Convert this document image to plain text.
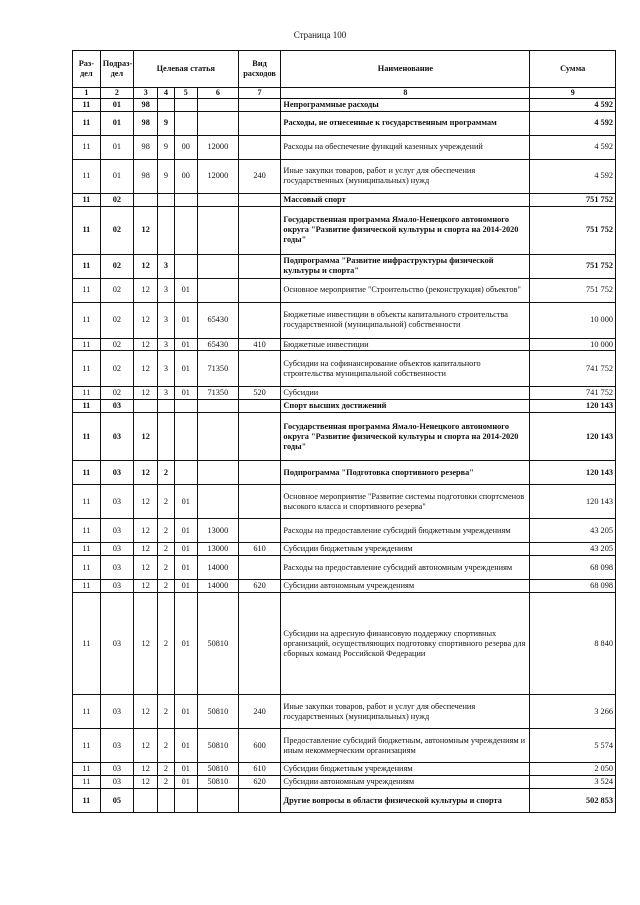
Страница 100
Раз-дел	Подраз-дел	Целевая статья				Вид расходов	Наименование	Сумма
1	2	3	4	5	6	7	8	9
11	01	98					Непрограммные расходы	4 592
11	01	98	9				Расходы, не отнесенные к государственным программам	4 592
11	01	98	9	00	12000		Расходы на обеспечение функций казенных учреждений	4 592
11	01	98	9	00	12000	240	Иные закупки товаров, работ и услуг для обеспечения государственных (муниципальных) нужд	4 592
11	02						Массовый спорт	751 752
11	02	12					Государственная программа Ямало-Ненецкого автономного округа "Развитие физической культуры и спорта на 2014-2020 годы"	751 752
11	02	12	3				Подпрограмма "Развитие инфраструктуры физической культуры и спорта"	751 752
11	02	12	3	01			Основное мероприятие "Строительство (реконструкция) объектов"	751 752
11	02	12	3	01	65430		Бюджетные инвестиции в объекты капитального строительства государственной (муниципальной) собственности	10 000
11	02	12	3	01	65430	410	Бюджетные инвестиции	10 000
11	02	12	3	01	71350		Субсидии на софинансирование объектов капитального строительства муниципальной собственности	741 752
11	02	12	3	01	71350	520	Субсидии	741 752
11	03						Спорт высших достижений	120 143
11	03	12					Государственная программа Ямало-Ненецкого автономного округа "Развитие физической культуры и спорта на 2014-2020 годы"	120 143
11	03	12	2				Подпрограмма "Подготовка спортивного резерва"	120 143
11	03	12	2	01			Основное мероприятие "Развитие системы подготовки спортсменов высокого класса и спортивного резерва"	120 143
11	03	12	2	01	13000		Расходы на предоставление субсидий бюджетным учреждениям	43 205
11	03	12	2	01	13000	610	Субсидии бюджетным учреждениям	43 205
11	03	12	2	01	14000		Расходы на предоставление субсидий автономным учреждениям	68 098
11	03	12	2	01	14000	620	Субсидии автономным учреждениям	68 098
11	03	12	2	01	50810		Субсидии на адресную финансовую поддержку спортивных организаций, осуществляющих подготовку спортивного резерва для сборных команд Российской Федерации	8 840
11	03	12	2	01	50810	240	Иные закупки товаров, работ и услуг для обеспечения государственных (муниципальных) нужд	3 266
11	03	12	2	01	50810	600	Предоставление субсидий бюджетным, автономным учреждениям и иным некоммерческим организациям	5 574
11	03	12	2	01	50810	610	Субсидии бюджетным учреждениям	2 050
11	03	12	2	01	50810	620	Субсидии автономным учреждениям	3 524
11	05						Другие вопросы в области физической культуры и спорта	502 853
